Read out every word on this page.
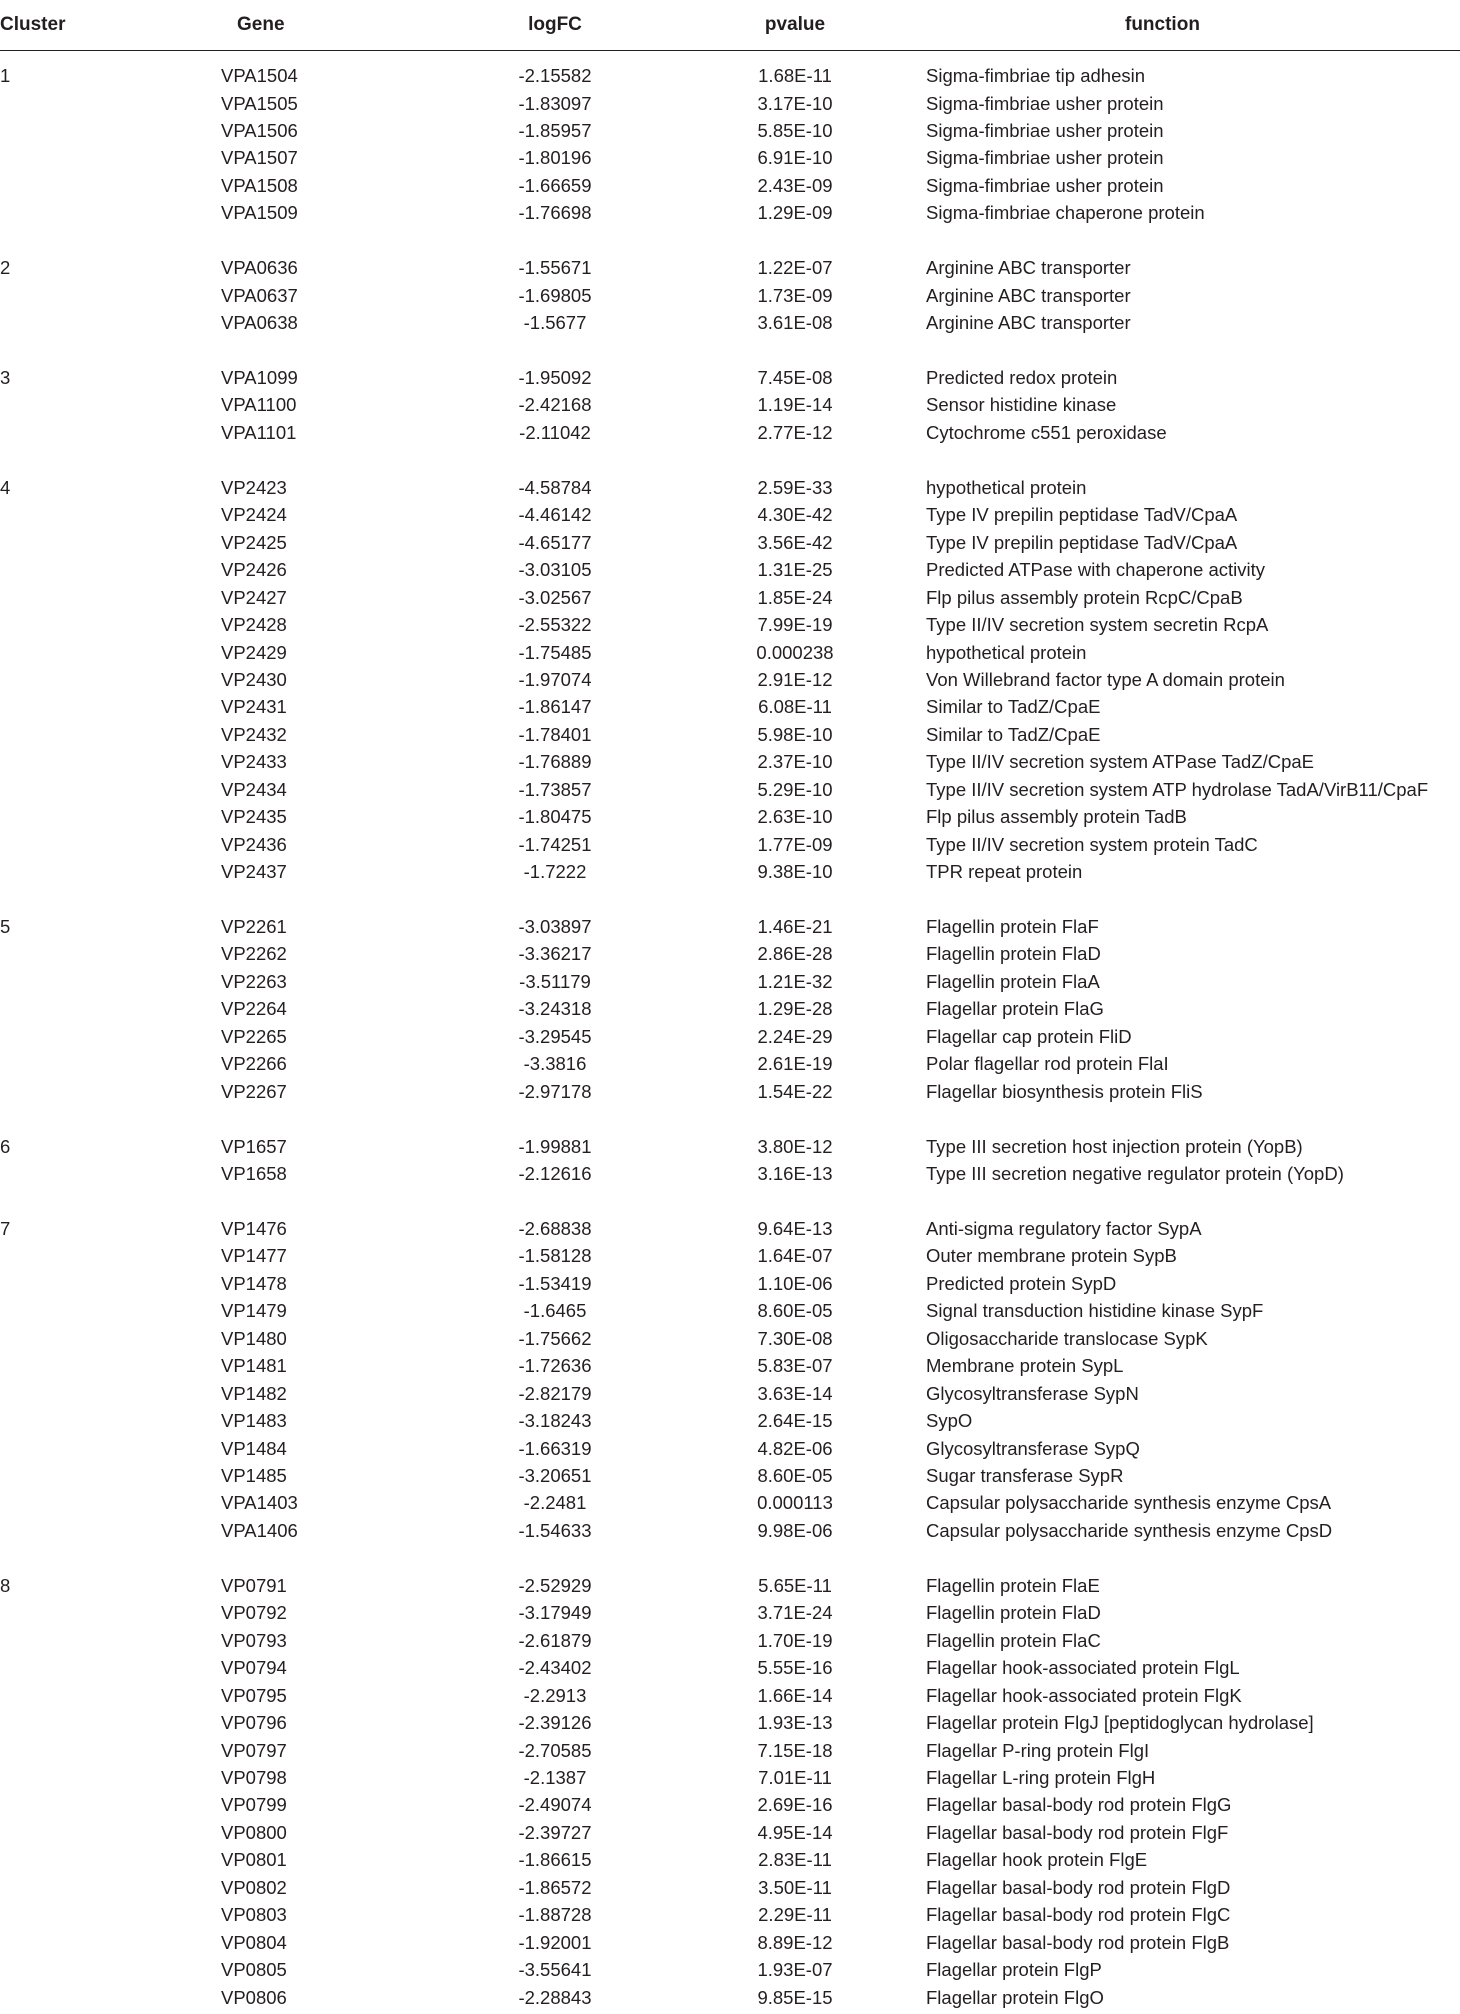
Cluster	Gene	logFC	pvalue	function
1	VPA1504	-2.15582	1.68E-11	Sigma-fimbriae tip adhesin
VPA1505	-1.83097	3.17E-10	Sigma-fimbriae usher protein
VPA1506	-1.85957	5.85E-10	Sigma-fimbriae usher protein
VPA1507	-1.80196	6.91E-10	Sigma-fimbriae usher protein
VPA1508	-1.66659	2.43E-09	Sigma-fimbriae usher protein
VPA1509	-1.76698	1.29E-09	Sigma-fimbriae chaperone protein
2	VPA0636	-1.55671	1.22E-07	Arginine ABC transporter
VPA0637	-1.69805	1.73E-09	Arginine ABC transporter
VPA0638	-1.5677	3.61E-08	Arginine ABC transporter
3	VPA1099	-1.95092	7.45E-08	Predicted redox protein
VPA1100	-2.42168	1.19E-14	Sensor histidine kinase
VPA1101	-2.11042	2.77E-12	Cytochrome c551 peroxidase
4	VP2423	-4.58784	2.59E-33	hypothetical protein
VP2424	-4.46142	4.30E-42	Type IV prepilin peptidase TadV/CpaA
VP2425	-4.65177	3.56E-42	Type IV prepilin peptidase TadV/CpaA
VP2426	-3.03105	1.31E-25	Predicted ATPase with chaperone activity
VP2427	-3.02567	1.85E-24	Flp pilus assembly protein RcpC/CpaB
VP2428	-2.55322	7.99E-19	Type II/IV secretion system secretin RcpA
VP2429	-1.75485	0.000238	hypothetical protein
VP2430	-1.97074	2.91E-12	Von Willebrand factor type A domain protein
VP2431	-1.86147	6.08E-11	Similar to TadZ/CpaE
VP2432	-1.78401	5.98E-10	Similar to TadZ/CpaE
VP2433	-1.76889	2.37E-10	Type II/IV secretion system ATPase TadZ/CpaE
VP2434	-1.73857	5.29E-10	Type II/IV secretion system ATP hydrolase TadA/VirB11/CpaF
VP2435	-1.80475	2.63E-10	Flp pilus assembly protein TadB
VP2436	-1.74251	1.77E-09	Type II/IV secretion system protein TadC
VP2437	-1.7222	9.38E-10	TPR repeat protein
5	VP2261	-3.03897	1.46E-21	Flagellin protein FlaF
VP2262	-3.36217	2.86E-28	Flagellin protein FlaD
VP2263	-3.51179	1.21E-32	Flagellin protein FlaA
VP2264	-3.24318	1.29E-28	Flagellar protein FlaG
VP2265	-3.29545	2.24E-29	Flagellar cap protein FliD
VP2266	-3.3816	2.61E-19	Polar flagellar rod protein FlaI
VP2267	-2.97178	1.54E-22	Flagellar biosynthesis protein FliS
6	VP1657	-1.99881	3.80E-12	Type III secretion host injection protein (YopB)
VP1658	-2.12616	3.16E-13	Type III secretion negative regulator protein (YopD)
7	VP1476	-2.68838	9.64E-13	Anti-sigma regulatory factor SypA
VP1477	-1.58128	1.64E-07	Outer membrane protein SypB
VP1478	-1.53419	1.10E-06	Predicted protein SypD
VP1479	-1.6465	8.60E-05	Signal transduction histidine kinase SypF
VP1480	-1.75662	7.30E-08	Oligosaccharide translocase SypK
VP1481	-1.72636	5.83E-07	Membrane protein SypL
VP1482	-2.82179	3.63E-14	Glycosyltransferase SypN
VP1483	-3.18243	2.64E-15	SypO
VP1484	-1.66319	4.82E-06	Glycosyltransferase SypQ
VP1485	-3.20651	8.60E-05	Sugar transferase SypR
VPA1403	-2.2481	0.000113	Capsular polysaccharide synthesis enzyme CpsA
VPA1406	-1.54633	9.98E-06	Capsular polysaccharide synthesis enzyme CpsD
8	VP0791	-2.52929	5.65E-11	Flagellin protein FlaE
VP0792	-3.17949	3.71E-24	Flagellin protein FlaD
VP0793	-2.61879	1.70E-19	Flagellin protein FlaC
VP0794	-2.43402	5.55E-16	Flagellar hook-associated protein FlgL
VP0795	-2.2913	1.66E-14	Flagellar hook-associated protein FlgK
VP0796	-2.39126	1.93E-13	Flagellar protein FlgJ [peptidoglycan hydrolase]
VP0797	-2.70585	7.15E-18	Flagellar P-ring protein FlgI
VP0798	-2.1387	7.01E-11	Flagellar L-ring protein FlgH
VP0799	-2.49074	2.69E-16	Flagellar basal-body rod protein FlgG
VP0800	-2.39727	4.95E-14	Flagellar basal-body rod protein FlgF
VP0801	-1.86615	2.83E-11	Flagellar hook protein FlgE
VP0802	-1.86572	3.50E-11	Flagellar basal-body rod protein FlgD
VP0803	-1.88728	2.29E-11	Flagellar basal-body rod protein FlgC
VP0804	-1.92001	8.89E-12	Flagellar basal-body rod protein FlgB
VP0805	-3.55641	1.93E-07	Flagellar protein FlgP
VP0806	-2.28843	9.85E-15	Flagellar protein FlgO
